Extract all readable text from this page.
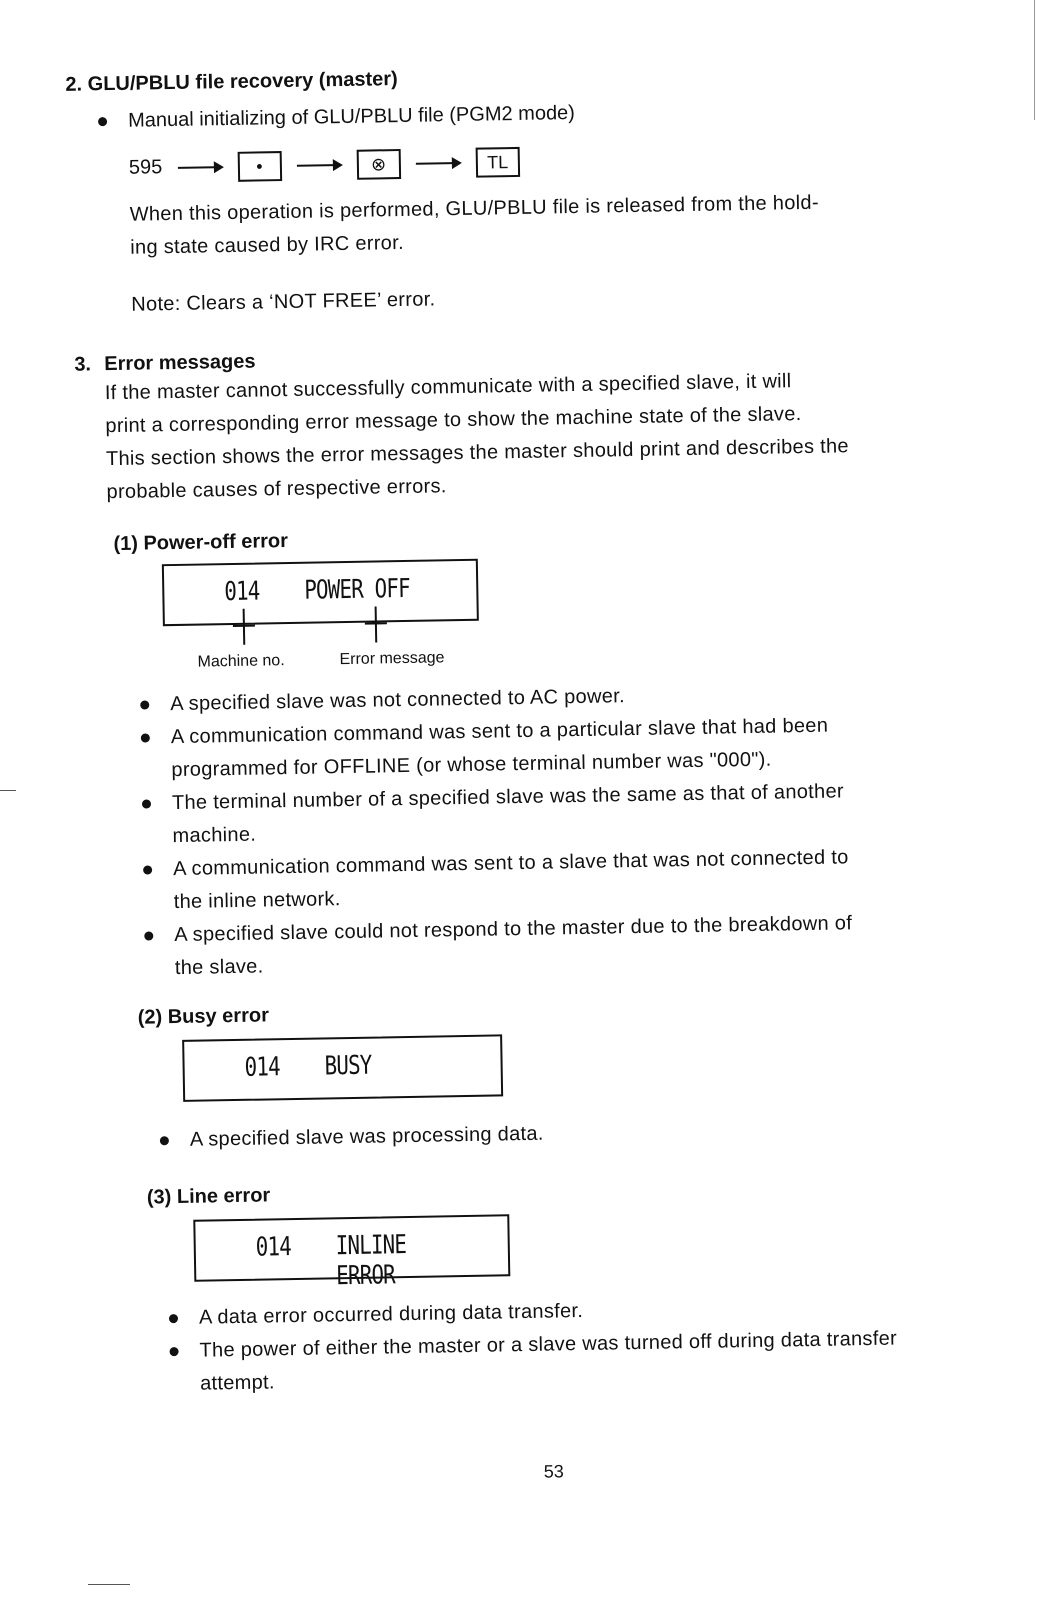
2. GLU/PBLU file recovery (master)
Manual initializing of GLU/PBLU file (PGM2 mode)
595	•	⊗	TL
When this operation is performed, GLU/PBLU file is released from the hold-
ing state caused by IRC error.
Note: Clears a ‘NOT FREE’ error.
3. Error messages
If the master cannot successfully communicate with a specified slave, it will
print a corresponding error message to show the machine state of the slave.
This section shows the error messages the master should print and describes the
probable causes of respective errors.
(1) Power-off error
014 POWER OFF
Machine no.	Error message
A specified slave was not connected to AC power.
A communication command was sent to a particular slave that had been
programmed for OFFLINE (or whose terminal number was "000").
The terminal number of a specified slave was the same as that of another
machine.
A communication command was sent to a slave that was not connected to
the inline network.
A specified slave could not respond to the master due to the breakdown of
the slave.
(2) Busy error
014 BUSY
A specified slave was processing data.
(3) Line error
014 INLINE ERROR
A data error occurred during data transfer.
The power of either the master or a slave was turned off during data transfer
attempt.
53
